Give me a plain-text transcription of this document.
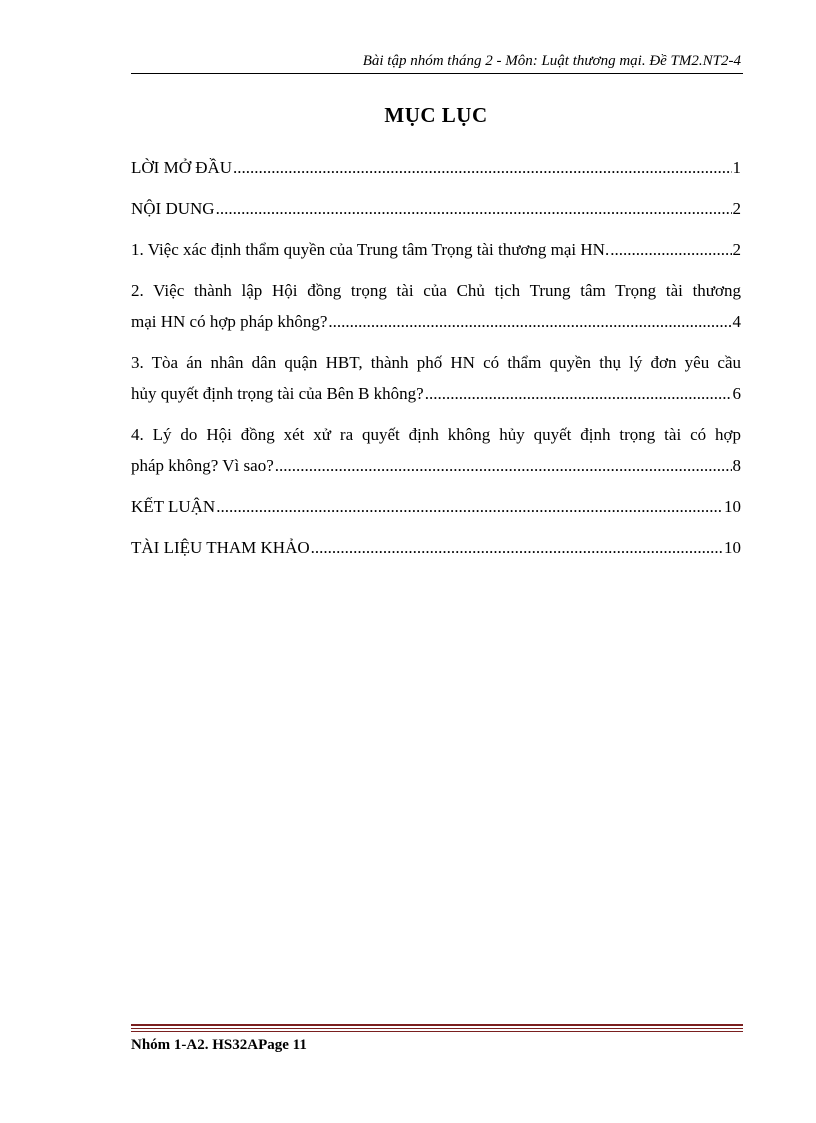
Bài tập nhóm tháng 2 - Môn: Luật thương mại. Đề TM2.NT2-4
MỤC LỤC
LỜI MỞ ĐẦU .....	1
NỘI DUNG .....	2
1. Việc xác định thẩm quyền của Trung tâm Trọng tài thương mại HN. .....	2
2. Việc thành lập Hội đồng trọng tài của Chủ tịch Trung tâm Trọng tài thương
mại HN có hợp pháp không? .....	4
3. Tòa án nhân dân quận HBT, thành phố HN có thẩm quyền thụ lý đơn yêu cầu
hủy quyết định trọng tài của Bên B không? .....	6
4. Lý do Hội đồng xét xử ra quyết định không hủy quyết định trọng tài có hợp
pháp không? Vì sao? .....	8
KẾT LUẬN .....	10
TÀI LIỆU THAM KHẢO .....	10
Nhóm 1-A2. HS32APage 11
